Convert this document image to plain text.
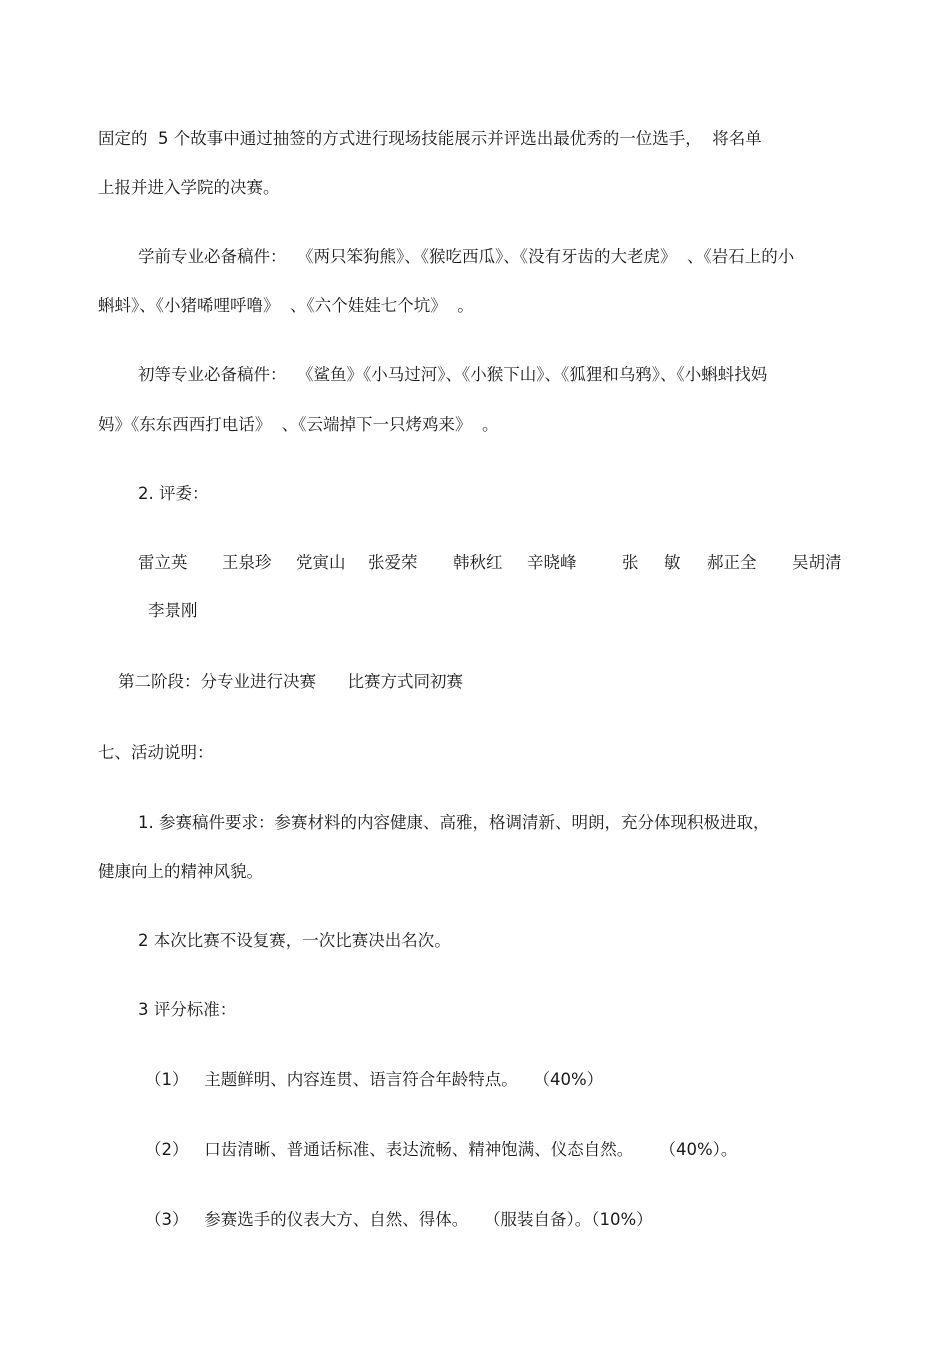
固定的  5 个故事中通过抽签的方式进行现场技能展示并评选出最优秀的一位选手，  将名单
上报并进入学院的决赛。
学前专业必备稿件：  《两只笨狗熊》、《猴吃西瓜》、《没有牙齿的大老虎》  、《岩石上的小
蝌蚪》、《小猪唏哩呼噜》  、《六个娃娃七个坑》  。
初等专业必备稿件：  《鲨鱼》《小马过河》、《小猴下山》、《狐狸和乌鸦》、《小蝌蚪找妈
妈》《东东西西打电话》  、《云端掉下一只烤鸡来》  。
2. 评委：
雷立英 王泉珍 党寅山 张爱荣 韩秋红 辛晓峰	张 敏 郝正全 吴胡清
李景刚
第二阶段：分专业进行决赛      比赛方式同初赛
七、活动说明：
1. 参赛稿件要求：参赛材料的内容健康、高雅，格调清新、明朗，充分体现积极进取，
健康向上的精神风貌。
2 本次比赛不设复赛，一次比赛决出名次。
3 评分标准：
（1）   主题鲜明、内容连贯、语言符合年龄特点。   （40%）
（2）   口齿清晰、普通话标准、表达流畅、精神饱满、仪态自然。     （40%）。
（3）   参赛选手的仪表大方、自然、得体。   （服装自备）。（10%）
